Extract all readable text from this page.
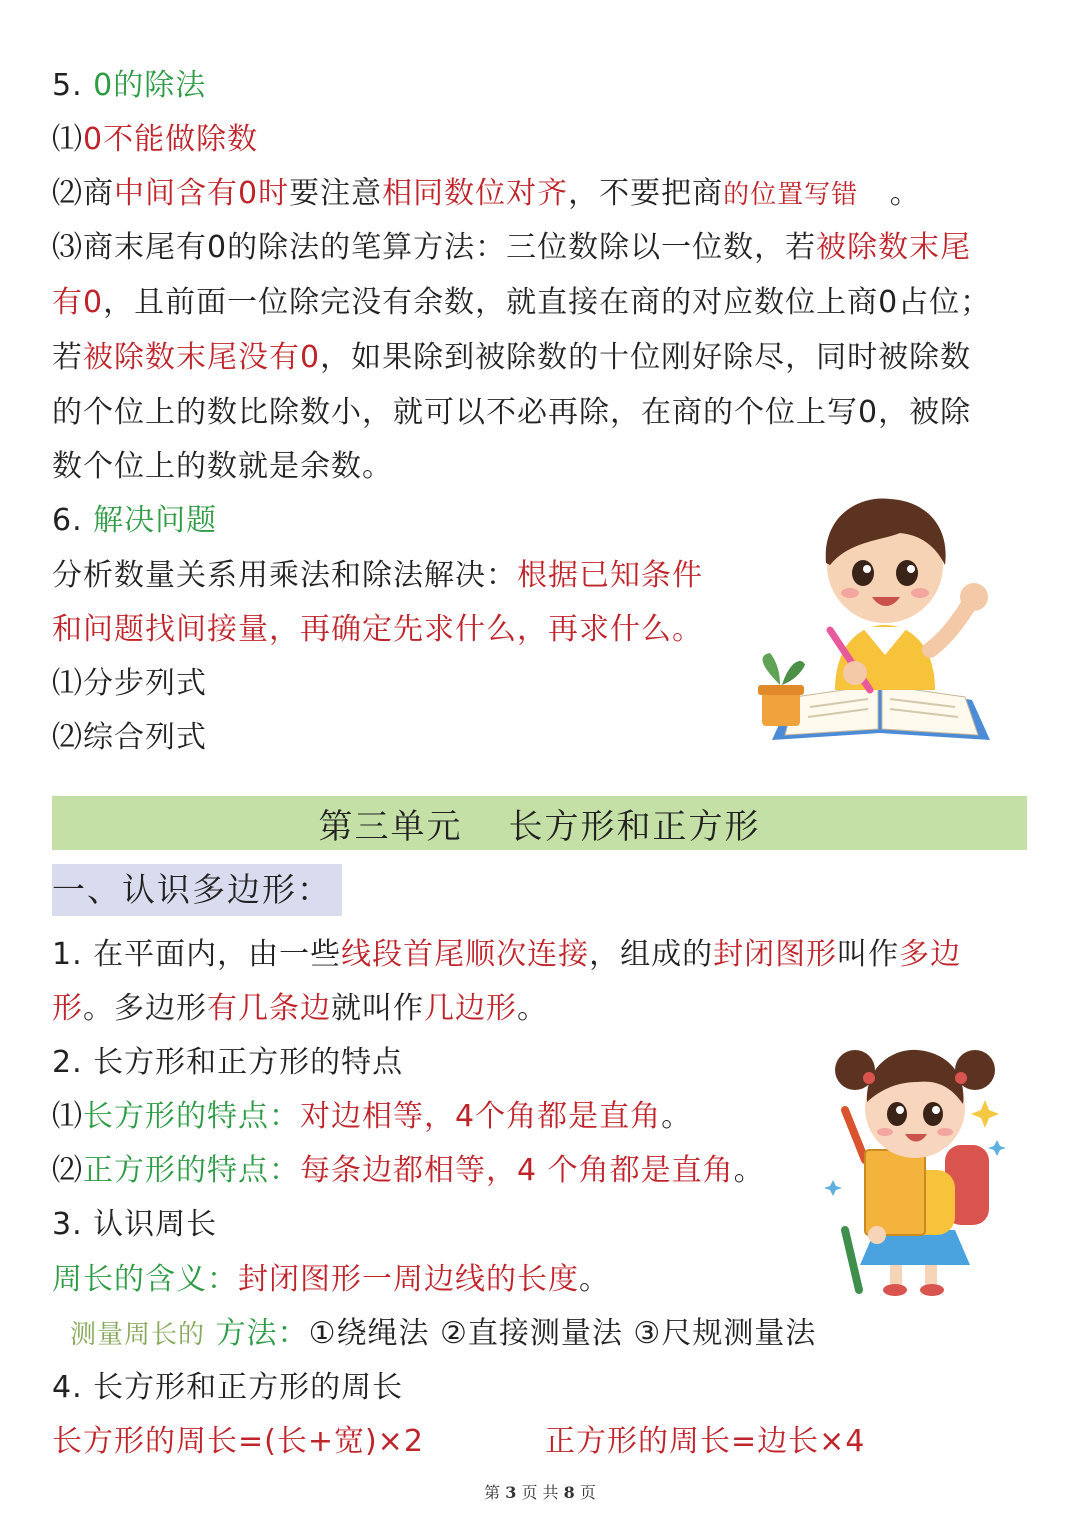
5. 0的除法
⑴0不能做除数
⑵商中间含有0时要注意相同数位对齐，不要把商的位置写错 。
⑶商末尾有0的除法的笔算方法：三位数除以一位数，若被除数末尾
有0，且前面一位除完没有余数，就直接在商的对应数位上商0占位；
若被除数末尾没有0，如果除到被除数的十位刚好除尽，同时被除数
的个位上的数比除数小，就可以不必再除，在商的个位上写0，被除
数个位上的数就是余数。
6. 解决问题
分析数量关系用乘法和除法解决：根据已知条件
和问题找间接量，再确定先求什么，再求什么。
⑴分步列式
⑵综合列式
第三单元 长方形和正方形
一、认识多边形：
1. 在平面内，由一些线段首尾顺次连接，组成的封闭图形叫作多边
形。多边形有几条边就叫作几边形。
2. 长方形和正方形的特点
⑴长方形的特点：对边相等，4个角都是直角。
⑵正方形的特点：每条边都相等，4 个角都是直角。
3. 认识周长
周长的含义：封闭图形一周边线的长度。
测量周长的 方法：①绕绳法 ②直接测量法 ③尺规测量法
4. 长方形和正方形的周长
长方形的周长=(长+宽)×2	正方形的周长=边长×4
第 3 页 共 8 页
